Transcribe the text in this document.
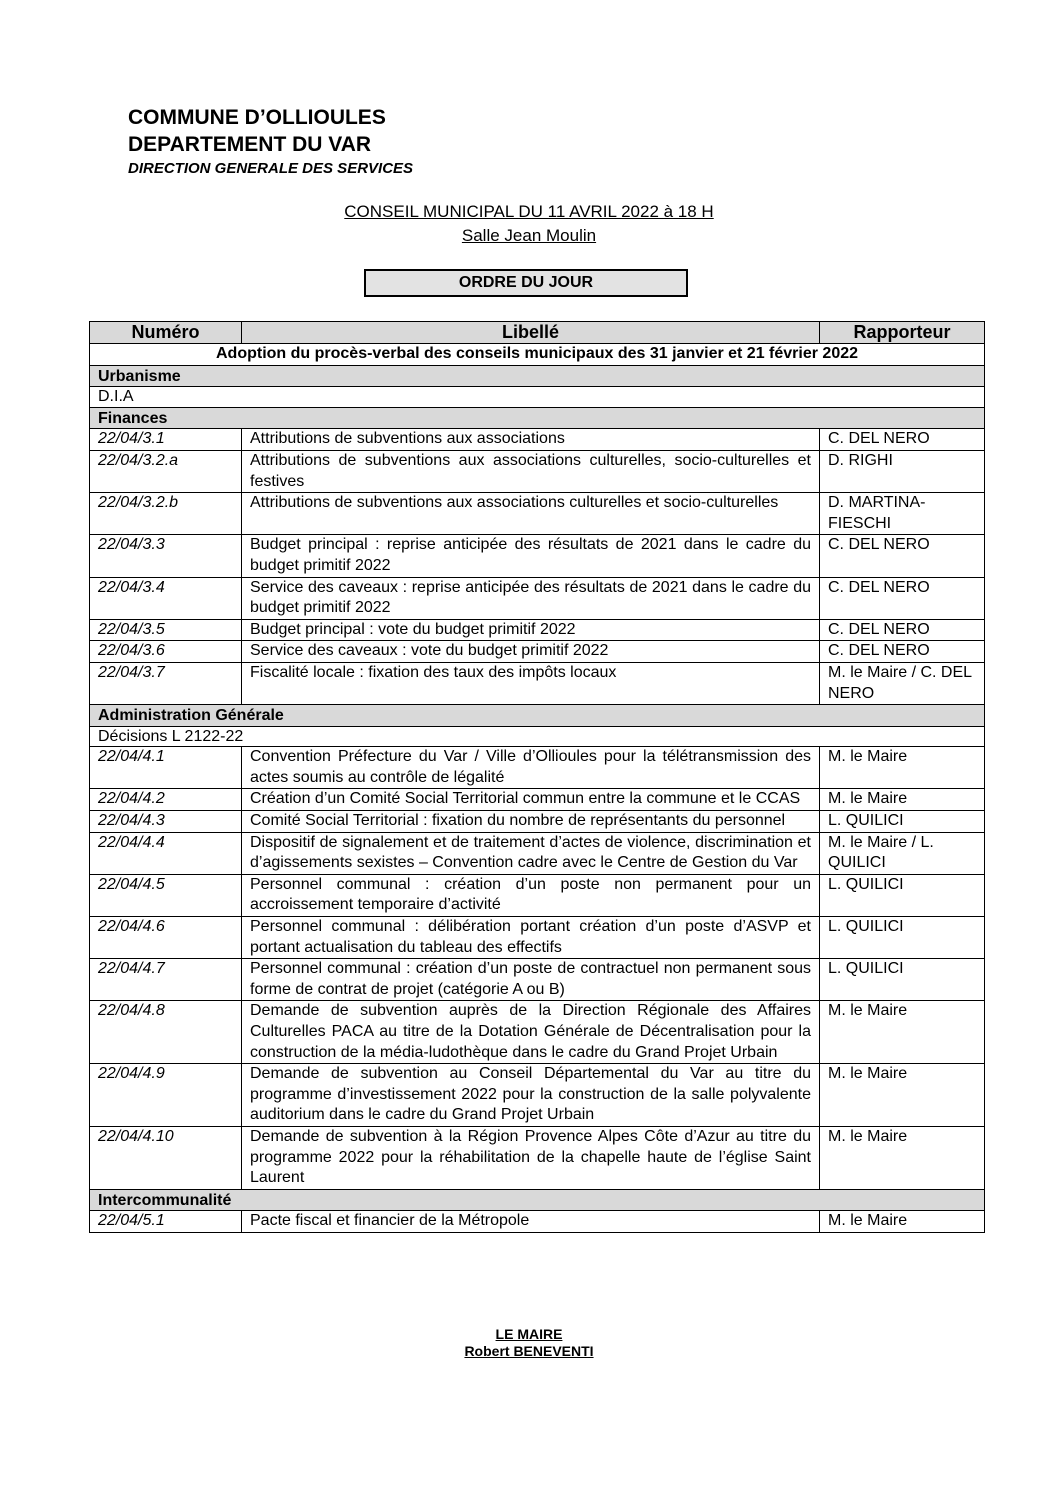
COMMUNE D’OLLIOULES
DEPARTEMENT DU VAR
DIRECTION GENERALE DES SERVICES
CONSEIL MUNICIPAL DU 11 AVRIL 2022 à 18 H
Salle Jean Moulin
ORDRE DU JOUR
Numéro	Libellé	Rapporteur
Adoption du procès-verbal des conseils municipaux des 31 janvier et 21 février 2022		
Urbanisme		
D.I.A		
Finances		
22/04/3.1	Attributions de subventions aux associations	C. DEL NERO
22/04/3.2.a	Attributions de subventions aux associations culturelles, socio-culturelles et festives	D. RIGHI
22/04/3.2.b	Attributions de subventions aux associations culturelles et socio-culturelles	D. MARTINA-FIESCHI
22/04/3.3	Budget principal : reprise anticipée des résultats de 2021 dans le cadre du budget primitif 2022	C. DEL NERO
22/04/3.4	Service des caveaux : reprise anticipée des résultats de 2021 dans le cadre du budget primitif 2022	C. DEL NERO
22/04/3.5	Budget principal : vote du budget primitif 2022	C. DEL NERO
22/04/3.6	Service des caveaux : vote du budget primitif 2022	C. DEL NERO
22/04/3.7	Fiscalité locale : fixation des taux des impôts locaux	M. le Maire / C. DEL NERO
Administration Générale		
Décisions L 2122-22		
22/04/4.1	Convention Préfecture du Var / Ville d’Ollioules pour la télétransmission des actes soumis au contrôle de légalité	M. le Maire
22/04/4.2	Création d’un Comité Social Territorial commun entre la commune et le CCAS	M. le Maire
22/04/4.3	Comité Social Territorial : fixation du nombre de représentants du personnel	L. QUILICI
22/04/4.4	Dispositif de signalement et de traitement d’actes de violence, discrimination et d’agissements sexistes – Convention cadre avec le Centre de Gestion du Var	M. le Maire / L. QUILICI
22/04/4.5	Personnel communal : création d’un poste non permanent pour un accroissement temporaire d’activité	L. QUILICI
22/04/4.6	Personnel communal : délibération portant création d’un poste d’ASVP et portant actualisation du tableau des effectifs	L. QUILICI
22/04/4.7	Personnel communal : création d’un poste de contractuel non permanent sous forme de contrat de projet (catégorie A ou B)	L. QUILICI
22/04/4.8	Demande de subvention auprès de la Direction Régionale des Affaires Culturelles PACA au titre de la Dotation Générale de Décentralisation pour la construction de la média-ludothèque dans le cadre du Grand Projet Urbain	M. le Maire
22/04/4.9	Demande de subvention au Conseil Départemental du Var au titre du programme d’investissement 2022 pour la construction de la salle polyvalente auditorium dans le cadre du Grand Projet Urbain	M. le Maire
22/04/4.10	Demande de subvention à la Région Provence Alpes Côte d’Azur au titre du programme 2022 pour la réhabilitation de la chapelle haute de l’église Saint Laurent	M. le Maire
Intercommunalité		
22/04/5.1	Pacte fiscal et financier de la Métropole	M. le Maire
LE MAIRE
Robert BENEVENTI
